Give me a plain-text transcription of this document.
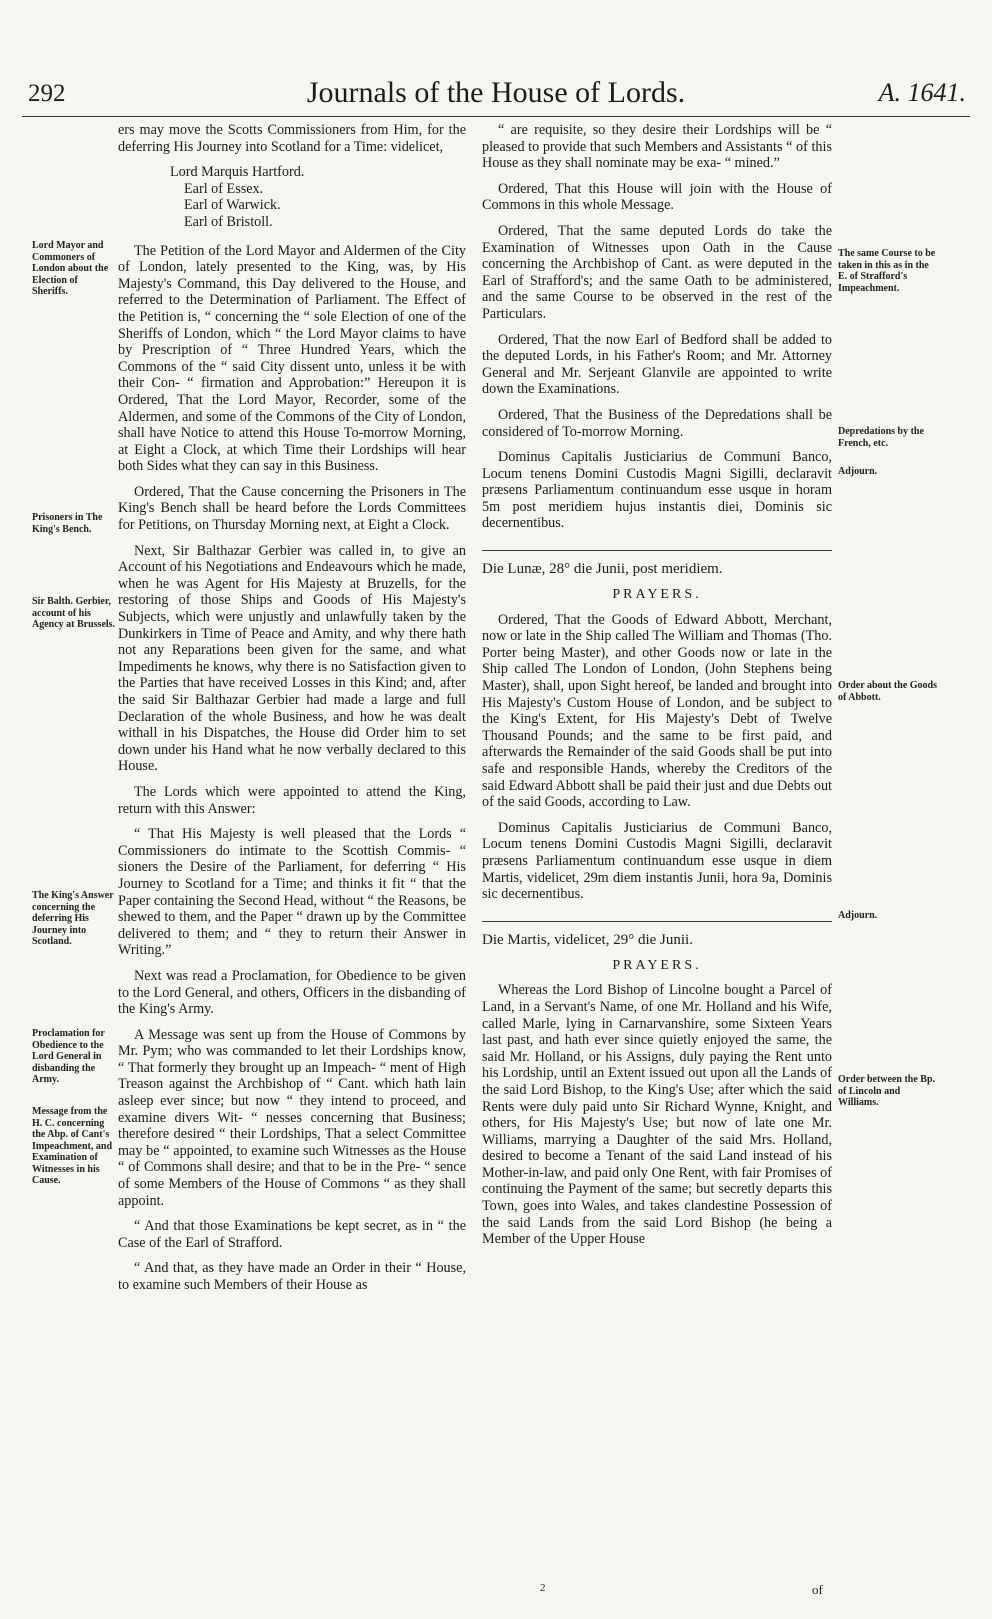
292	Journals of the House of Lords.	A. 1641.
Lord Mayor and Commoners of London about the Election of Sheriffs.
Prisoners in The King's Bench.
Sir Balth. Gerbier, account of his Agency at Brussels.
The King's Answer concerning the deferring His Journey into Scotland.
Proclamation for Obedience to the Lord General in disbanding the Army.
Message from the H. C. concerning the Abp. of Cant's Impeachment, and Examination of Witnesses in his Cause.
The same Course to be taken in this as in the E. of Strafford's Impeachment.
Depredations by the French, etc.
Adjourn.
Order about the Goods of Abbott.
Adjourn.
Order between the Bp. of Lincoln and Williams.

ers may move the Scotts Commissioners from Him, for the deferring His Journey into Scotland for a Time: videlicet,

Lord Marquis Hartford.
Earl of Essex.
Earl of Warwick.
Earl of Bristoll.

The Petition of the Lord Mayor and Aldermen of the City of London, lately presented to the King, was, by His Majesty's Command, this Day delivered to the House, and referred to the Determination of Parliament. The Effect of the Petition is, “ concerning the “ sole Election of one of the Sheriffs of London, which “ the Lord Mayor claims to have by Prescription of “ Three Hundred Years, which the Commons of the “ said City dissent unto, unless it be with their Con- “ firmation and Approbation:” Hereupon it is Ordered, That the Lord Mayor, Recorder, some of the Aldermen, and some of the Commons of the City of London, shall have Notice to attend this House To-morrow Morning, at Eight a Clock, at which Time their Lordships will hear both Sides what they can say in this Business.

Ordered, That the Cause concerning the Prisoners in The King's Bench shall be heard before the Lords Committees for Petitions, on Thursday Morning next, at Eight a Clock.

Next, Sir Balthazar Gerbier was called in, to give an Account of his Negotiations and Endeavours which he made, when he was Agent for His Majesty at Bruzells, for the restoring of those Ships and Goods of His Majesty's Subjects, which were unjustly and unlawfully taken by the Dunkirkers in Time of Peace and Amity, and why there hath not any Reparations been given for the same, and what Impediments he knows, why there is no Satisfaction given to the Parties that have received Losses in this Kind; and, after the said Sir Balthazar Gerbier had made a large and full Declaration of the whole Business, and how he was dealt withall in his Dispatches, the House did Order him to set down under his Hand what he now verbally declared to this House.

The Lords which were appointed to attend the King, return with this Answer:

“ That His Majesty is well pleased that the Lords “ Commissioners do intimate to the Scottish Commis- “ sioners the Desire of the Parliament, for deferring “ His Journey to Scotland for a Time; and thinks it fit “ that the Paper containing the Second Head, without “ the Reasons, be shewed to them, and the Paper “ drawn up by the Committee delivered to them; and “ they to return their Answer in Writing.”

Next was read a Proclamation, for Obedience to be given to the Lord General, and others, Officers in the disbanding of the King's Army.

A Message was sent up from the House of Commons by Mr. Pym; who was commanded to let their Lordships know, “ That formerly they brought up an Impeach- “ ment of High Treason against the Archbishop of “ Cant. which hath lain asleep ever since; but now “ they intend to proceed, and examine divers Wit- “ nesses concerning that Business; therefore desired “ their Lordships, That a select Committee may be “ appointed, to examine such Witnesses as the House “ of Commons shall desire; and that to be in the Pre- “ sence of some Members of the House of Commons “ as they shall appoint.

“ And that those Examinations be kept secret, as in “ the Case of the Earl of Strafford.

“ And that, as they have made an Order in their “ House, to examine such Members of their House as

“ are requisite, so they desire their Lordships will be “ pleased to provide that such Members and Assistants “ of this House as they shall nominate may be exa- “ mined.”

Ordered, That this House will join with the House of Commons in this whole Message.

Ordered, That the same deputed Lords do take the Examination of Witnesses upon Oath in the Cause concerning the Archbishop of Cant. as were deputed in the Earl of Strafford's; and the same Oath to be administered, and the same Course to be observed in the rest of the Particulars.

Ordered, That the now Earl of Bedford shall be added to the deputed Lords, in his Father's Room; and Mr. Attorney General and Mr. Serjeant Glanvile are appointed to write down the Examinations.

Ordered, That the Business of the Depredations shall be considered of To-morrow Morning.

Dominus Capitalis Justiciarius de Communi Banco, Locum tenens Domini Custodis Magni Sigilli, declaravit præsens Parliamentum continuandum esse usque in horam 5m post meridiem hujus instantis diei, Dominis sic decernentibus.

Die Lunæ, 28° die Junii, post meridiem.
PRAYERS.

Ordered, That the Goods of Edward Abbott, Merchant, now or late in the Ship called The William and Thomas (Tho. Porter being Master), and other Goods now or late in the Ship called The London of London, (John Stephens being Master), shall, upon Sight hereof, be landed and brought into His Majesty's Custom House of London, and be subject to the King's Extent, for His Majesty's Debt of Twelve Thousand Pounds; and the same to be first paid, and afterwards the Remainder of the said Goods shall be put into safe and responsible Hands, whereby the Creditors of the said Edward Abbott shall be paid their just and due Debts out of the said Goods, according to Law.

Dominus Capitalis Justiciarius de Communi Banco, Locum tenens Domini Custodis Magni Sigilli, declaravit præsens Parliamentum continuandum esse usque in diem Martis, videlicet, 29m diem instantis Junii, hora 9a, Dominis sic decernentibus.

Die Martis, videlicet, 29° die Junii.
PRAYERS.

Whereas the Lord Bishop of Lincolne bought a Parcel of Land, in a Servant's Name, of one Mr. Holland and his Wife, called Marle, lying in Carnarvanshire, some Sixteen Years last past, and hath ever since quietly enjoyed the same, the said Mr. Holland, or his Assigns, duly paying the Rent unto his Lordship, until an Extent issued out upon all the Lands of the said Lord Bishop, to the King's Use; after which the said Rents were duly paid unto Sir Richard Wynne, Knight, and others, for His Majesty's Use; but now of late one Mr. Williams, marrying a Daughter of the said Mrs. Holland, desired to become a Tenant of the said Land instead of his Mother-in-law, and paid only One Rent, with fair Promises of continuing the Payment of the same; but secretly departs this Town, goes into Wales, and takes clandestine Possession of the said Lands from the said Lord Bishop (he being a Member of the Upper House

2	of
